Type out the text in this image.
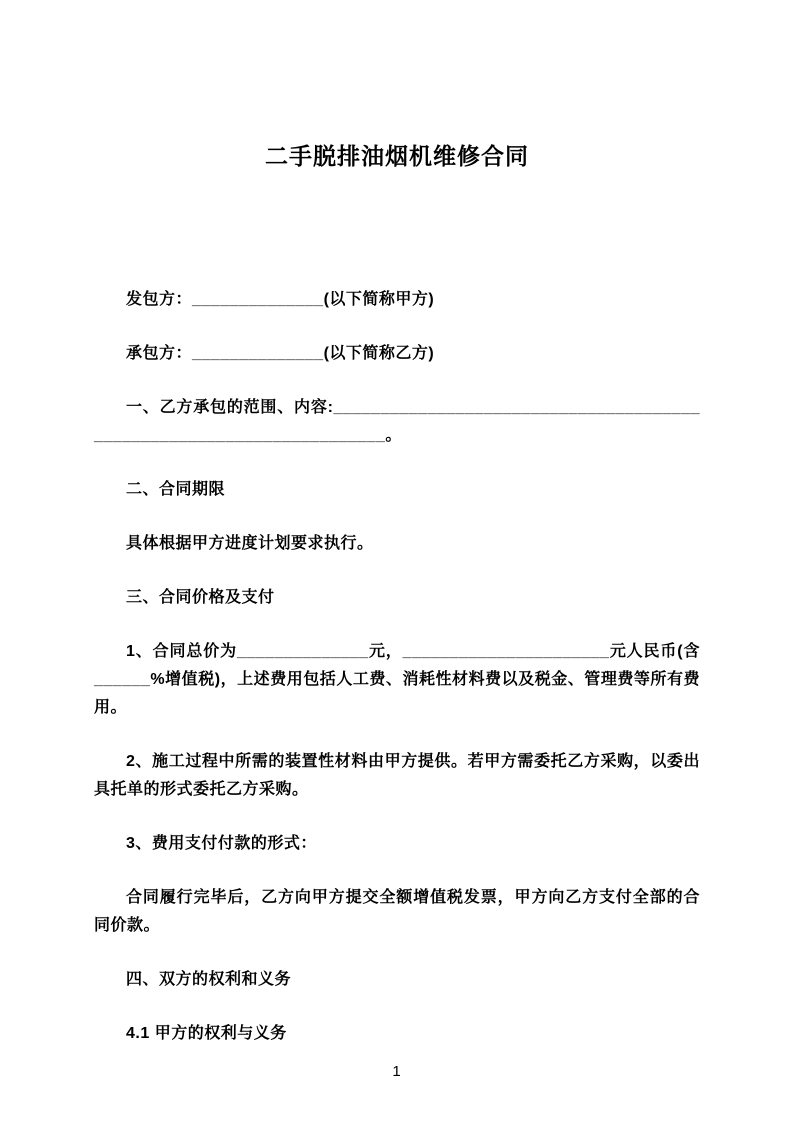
二手脱排油烟机维修合同

发包方：______________(以下简称甲方)

承包方：______________(以下简称乙方)

一、乙方承包的范围、内容:______________________________________________________________________。

二、合同期限

具体根据甲方进度计划要求执行。

三、合同价格及支付

1、合同总价为______________元，______________________元人民币(含______%增值税)，上述费用包括人工费、消耗性材料费以及税金、管理费等所有费用。

2、施工过程中所需的装置性材料由甲方提供。若甲方需委托乙方采购，以委出具托单的形式委托乙方采购。

3、费用支付付款的形式：

合同履行完毕后，乙方向甲方提交全额增值税发票，甲方向乙方支付全部的合同价款。

四、双方的权利和义务

4.1 甲方的权利与义务

1
